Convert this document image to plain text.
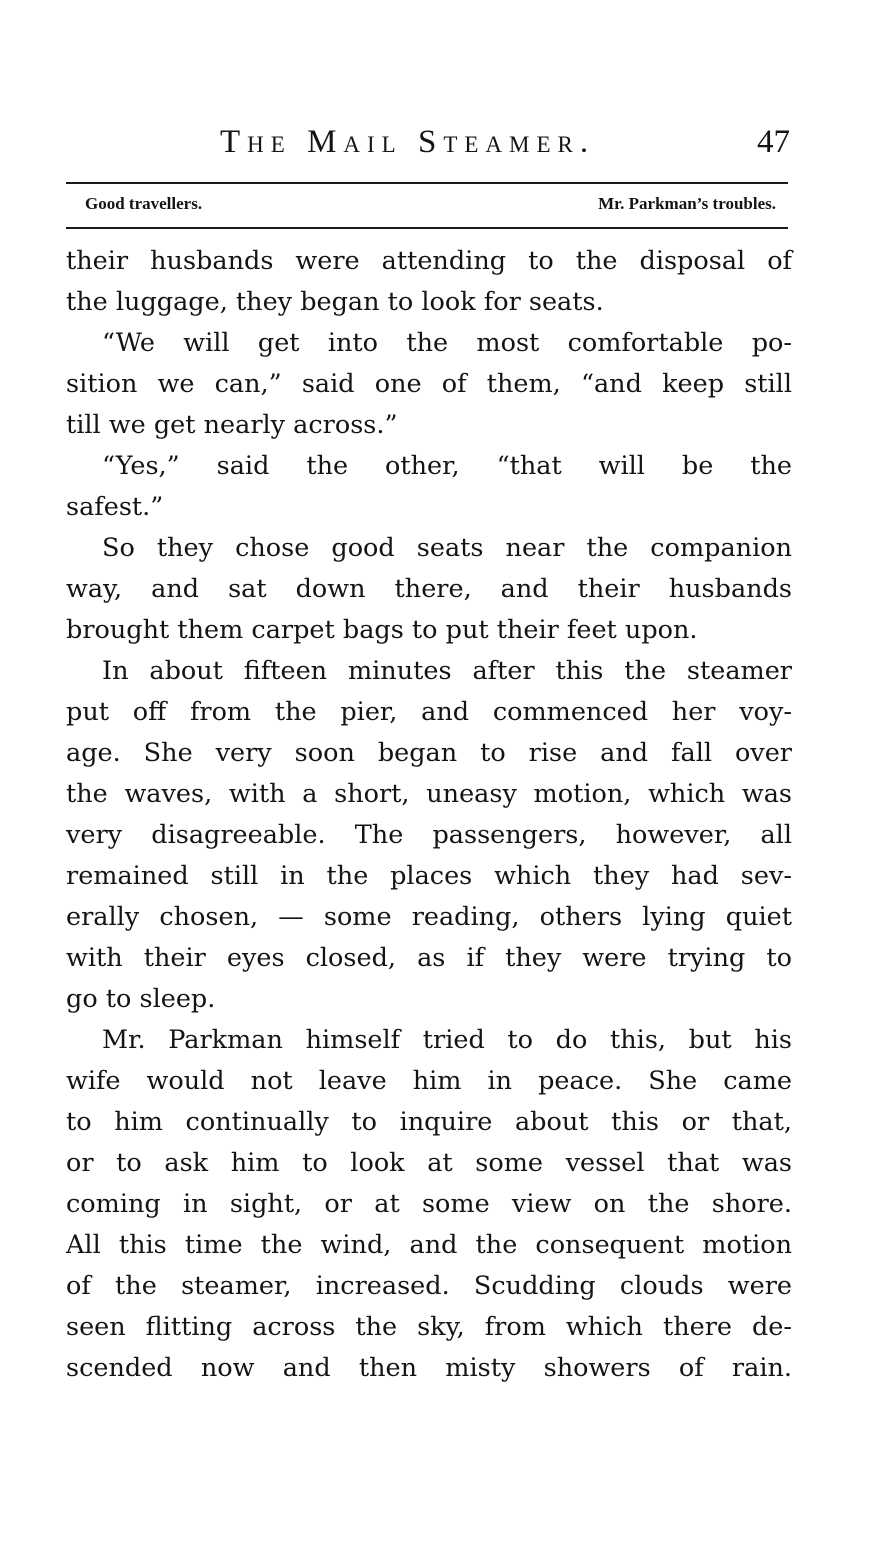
The Mail Steamer.	47
Good travellers.	Mr. Parkman’s troubles.
their husbands were attending to the disposal of
the luggage, they began to look for seats.
“We will get into the most comfortable po-
sition we can,” said one of them, “and keep still
till we get nearly across.”
“Yes,” said the other, “that will be the
safest.”
So they chose good seats near the companion
way, and sat down there, and their husbands
brought them carpet bags to put their feet upon.
In about fifteen minutes after this the steamer
put off from the pier, and commenced her voy-
age. She very soon began to rise and fall over
the waves, with a short, uneasy motion, which was
very disagreeable. The passengers, however, all
remained still in the places which they had sev-
erally chosen, — some reading, others lying quiet
with their eyes closed, as if they were trying to
go to sleep.
Mr. Parkman himself tried to do this, but his
wife would not leave him in peace. She came
to him continually to inquire about this or that,
or to ask him to look at some vessel that was
coming in sight, or at some view on the shore.
All this time the wind, and the consequent motion
of the steamer, increased. Scudding clouds were
seen flitting across the sky, from which there de-
scended now and then misty showers of rain.
